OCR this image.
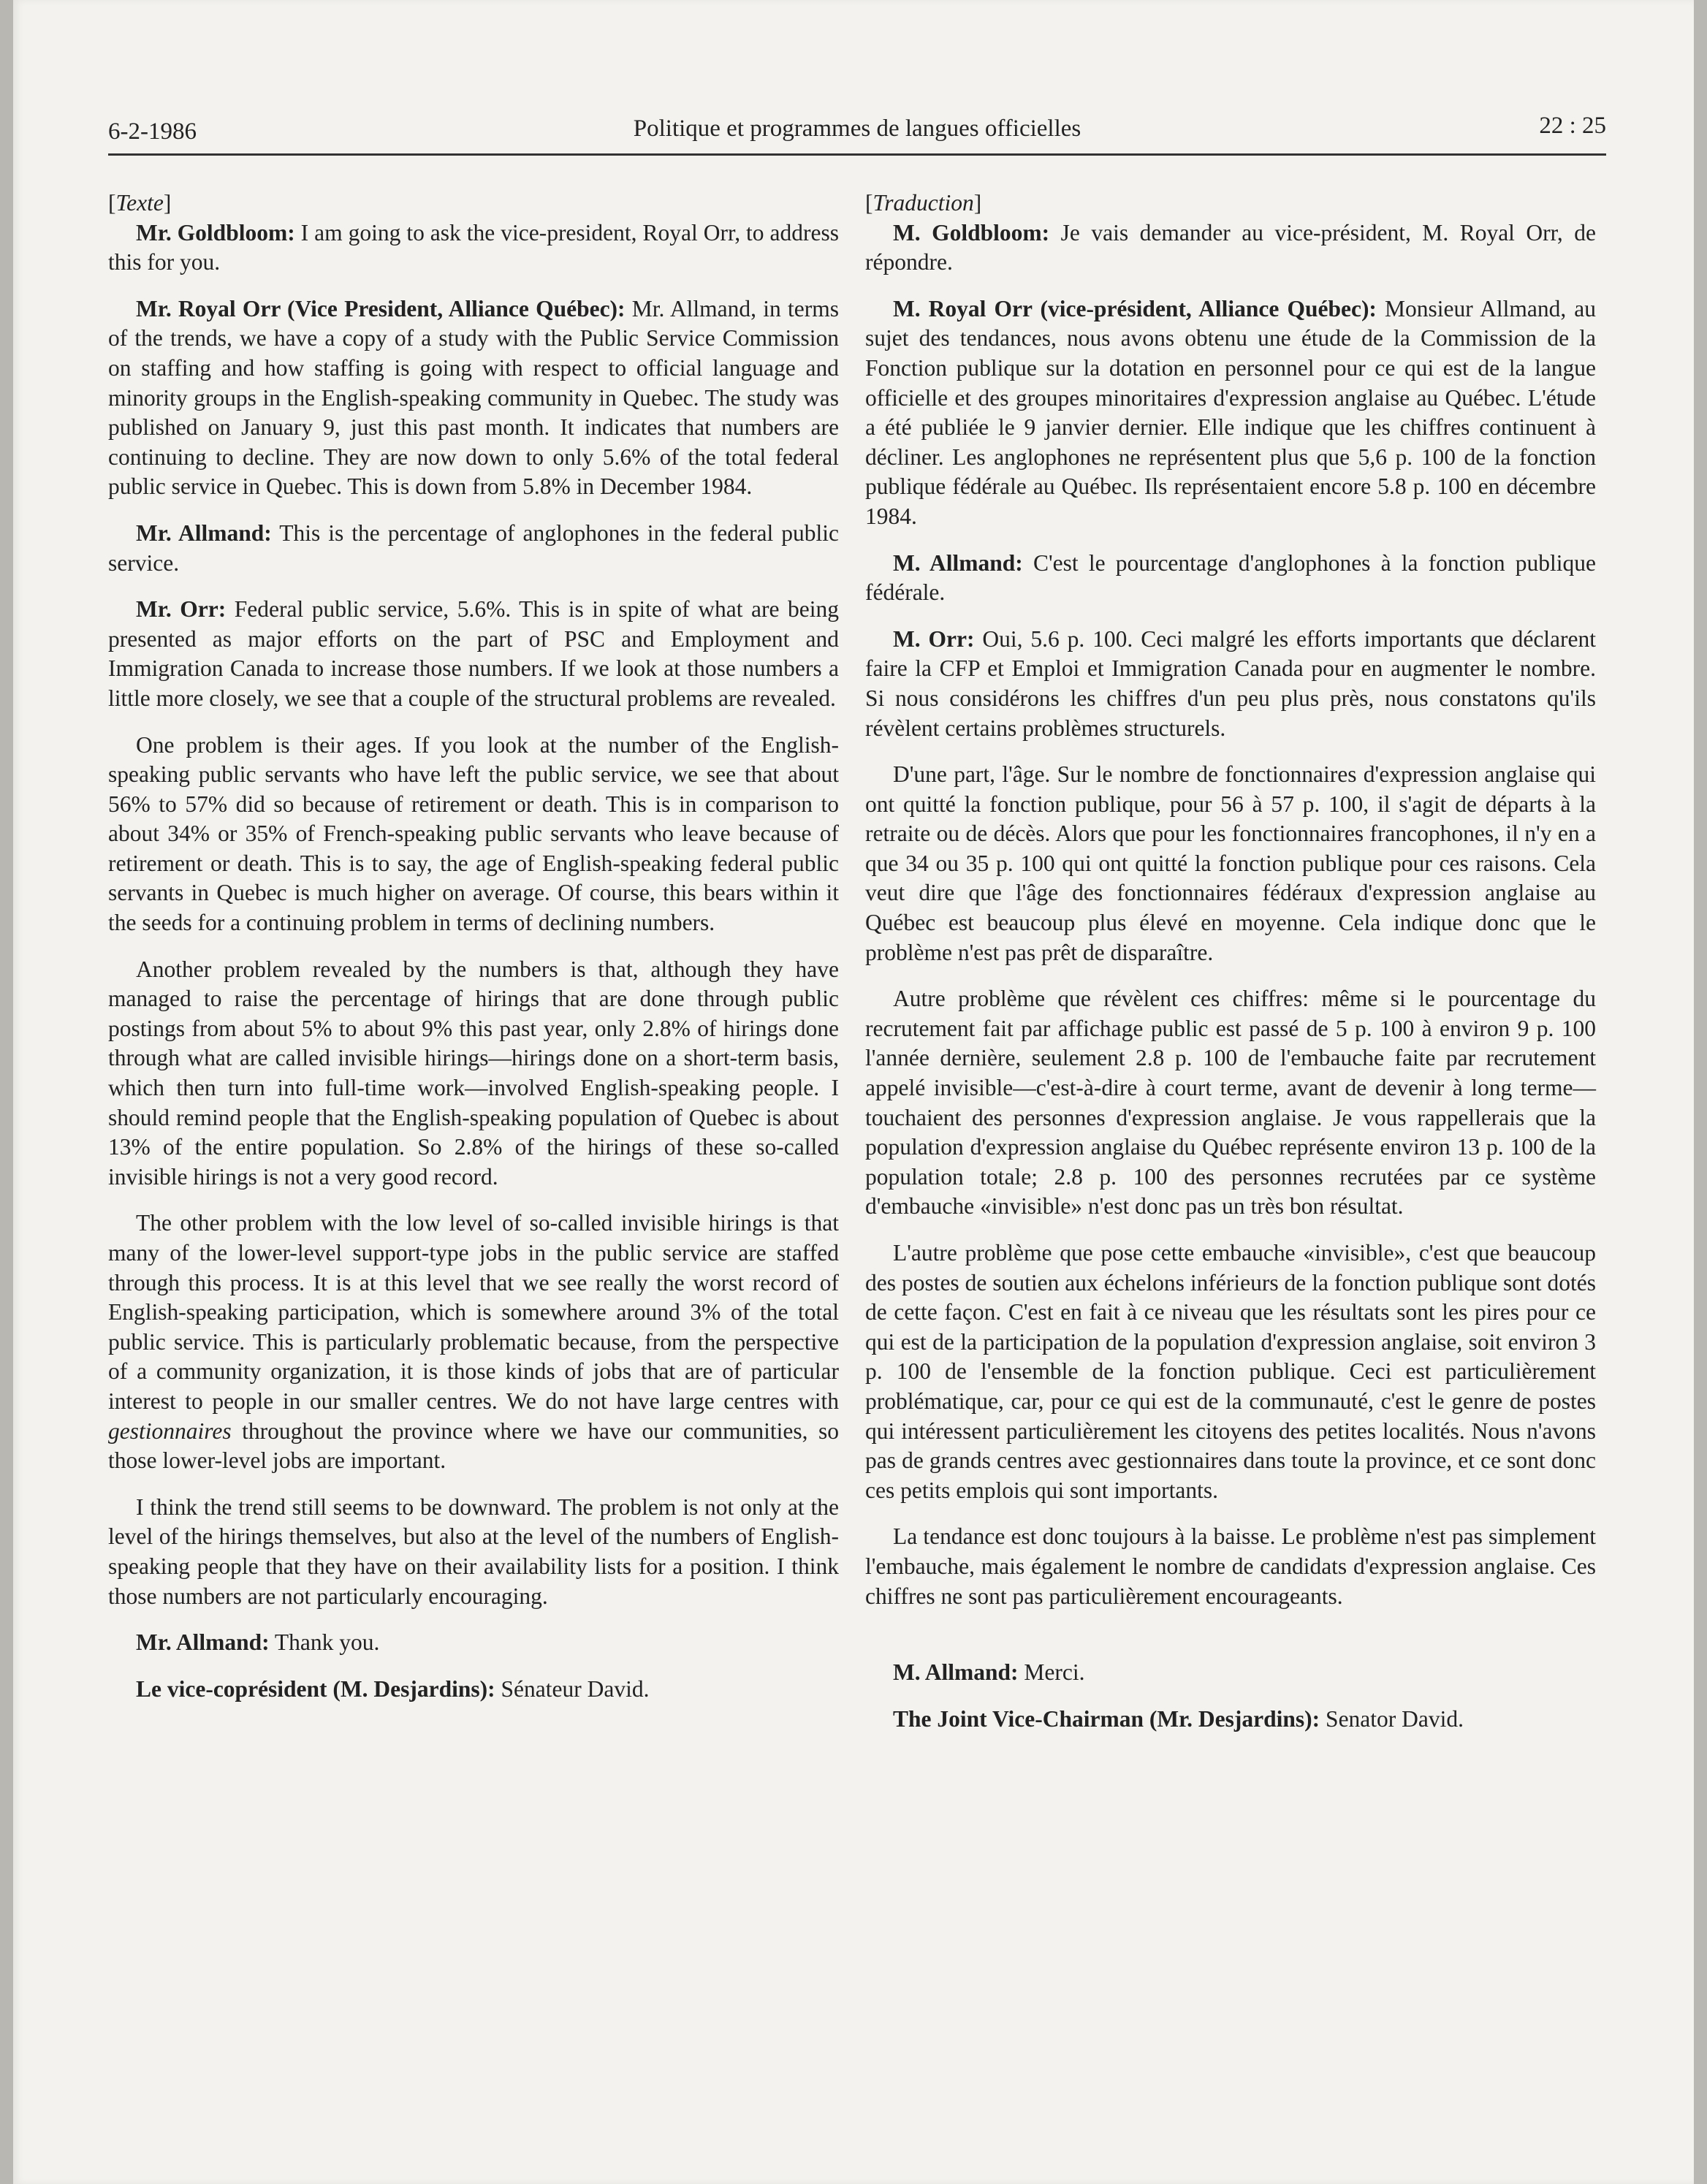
6-2-1986	Politique et programmes de langues officielles	22 : 25

[Texte]

Mr. Goldbloom: I am going to ask the vice-president, Royal Orr, to address this for you.

Mr. Royal Orr (Vice President, Alliance Québec): Mr. Allmand, in terms of the trends, we have a copy of a study with the Public Service Commission on staffing and how staffing is going with respect to official language and minority groups in the English-speaking community in Quebec. The study was published on January 9, just this past month. It indicates that numbers are continuing to decline. They are now down to only 5.6% of the total federal public service in Quebec. This is down from 5.8% in December 1984.

Mr. Allmand: This is the percentage of anglophones in the federal public service.

Mr. Orr: Federal public service, 5.6%. This is in spite of what are being presented as major efforts on the part of PSC and Employment and Immigration Canada to increase those numbers. If we look at those numbers a little more closely, we see that a couple of the structural problems are revealed.

One problem is their ages. If you look at the number of the English-speaking public servants who have left the public service, we see that about 56% to 57% did so because of retirement or death. This is in comparison to about 34% or 35% of French-speaking public servants who leave because of retirement or death. This is to say, the age of English-speaking federal public servants in Quebec is much higher on average. Of course, this bears within it the seeds for a continuing problem in terms of declining numbers.

Another problem revealed by the numbers is that, although they have managed to raise the percentage of hirings that are done through public postings from about 5% to about 9% this past year, only 2.8% of hirings done through what are called invisible hirings—hirings done on a short-term basis, which then turn into full-time work—involved English-speaking people. I should remind people that the English-speaking population of Quebec is about 13% of the entire population. So 2.8% of the hirings of these so-called invisible hirings is not a very good record.

The other problem with the low level of so-called invisible hirings is that many of the lower-level support-type jobs in the public service are staffed through this process. It is at this level that we see really the worst record of English-speaking participation, which is somewhere around 3% of the total public service. This is particularly problematic because, from the perspective of a community organization, it is those kinds of jobs that are of particular interest to people in our smaller centres. We do not have large centres with gestionnaires throughout the province where we have our communities, so those lower-level jobs are important.

I think the trend still seems to be downward. The problem is not only at the level of the hirings themselves, but also at the level of the numbers of English-speaking people that they have on their availability lists for a position. I think those numbers are not particularly encouraging.

Mr. Allmand: Thank you.

Le vice-coprésident (M. Desjardins): Sénateur David.

[Traduction]

M. Goldbloom: Je vais demander au vice-président, M. Royal Orr, de répondre.

M. Royal Orr (vice-président, Alliance Québec): Monsieur Allmand, au sujet des tendances, nous avons obtenu une étude de la Commission de la Fonction publique sur la dotation en personnel pour ce qui est de la langue officielle et des groupes minoritaires d'expression anglaise au Québec. L'étude a été publiée le 9 janvier dernier. Elle indique que les chiffres continuent à décliner. Les anglophones ne représentent plus que 5,6 p. 100 de la fonction publique fédérale au Québec. Ils représentaient encore 5.8 p. 100 en décembre 1984.

M. Allmand: C'est le pourcentage d'anglophones à la fonction publique fédérale.

M. Orr: Oui, 5.6 p. 100. Ceci malgré les efforts importants que déclarent faire la CFP et Emploi et Immigration Canada pour en augmenter le nombre. Si nous considérons les chiffres d'un peu plus près, nous constatons qu'ils révèlent certains problèmes structurels.

D'une part, l'âge. Sur le nombre de fonctionnaires d'expression anglaise qui ont quitté la fonction publique, pour 56 à 57 p. 100, il s'agit de départs à la retraite ou de décès. Alors que pour les fonctionnaires francophones, il n'y en a que 34 ou 35 p. 100 qui ont quitté la fonction publique pour ces raisons. Cela veut dire que l'âge des fonctionnaires fédéraux d'expression anglaise au Québec est beaucoup plus élevé en moyenne. Cela indique donc que le problème n'est pas prêt de disparaître.

Autre problème que révèlent ces chiffres: même si le pourcentage du recrutement fait par affichage public est passé de 5 p. 100 à environ 9 p. 100 l'année dernière, seulement 2.8 p. 100 de l'embauche faite par recrutement appelé invisible—c'est-à-dire à court terme, avant de devenir à long terme—touchaient des personnes d'expression anglaise. Je vous rappellerais que la population d'expression anglaise du Québec représente environ 13 p. 100 de la population totale; 2.8 p. 100 des personnes recrutées par ce système d'embauche «invisible» n'est donc pas un très bon résultat.

L'autre problème que pose cette embauche «invisible», c'est que beaucoup des postes de soutien aux échelons inférieurs de la fonction publique sont dotés de cette façon. C'est en fait à ce niveau que les résultats sont les pires pour ce qui est de la participation de la population d'expression anglaise, soit environ 3 p. 100 de l'ensemble de la fonction publique. Ceci est particulièrement problématique, car, pour ce qui est de la communauté, c'est le genre de postes qui intéressent particulièrement les citoyens des petites localités. Nous n'avons pas de grands centres avec gestionnaires dans toute la province, et ce sont donc ces petits emplois qui sont importants.

La tendance est donc toujours à la baisse. Le problème n'est pas simplement l'embauche, mais également le nombre de candidats d'expression anglaise. Ces chiffres ne sont pas particulièrement encourageants.

M. Allmand: Merci.

The Joint Vice-Chairman (Mr. Desjardins): Senator David.
